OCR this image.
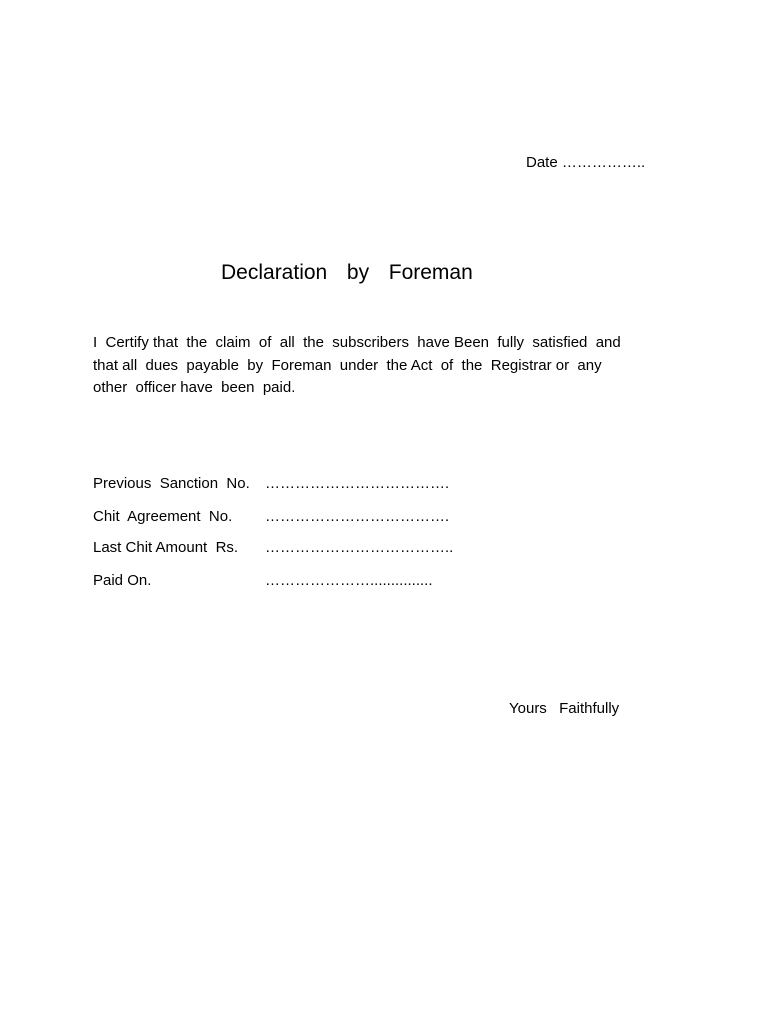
Date ……………..
Declaration  by  Foreman
I  Certify that  the  claim  of  all  the  subscribers  have Been  fully  satisfied  and
that all  dues  payable  by  Foreman  under  the Act  of  the  Registrar or  any
other  officer have  been  paid.

Previous  Sanction  No.

……………………………….

Chit  Agreement  No.

……………………………….

Last Chit Amount  Rs.

………………………………..

Paid On.

	…………………...............

Yours  Faithfully
